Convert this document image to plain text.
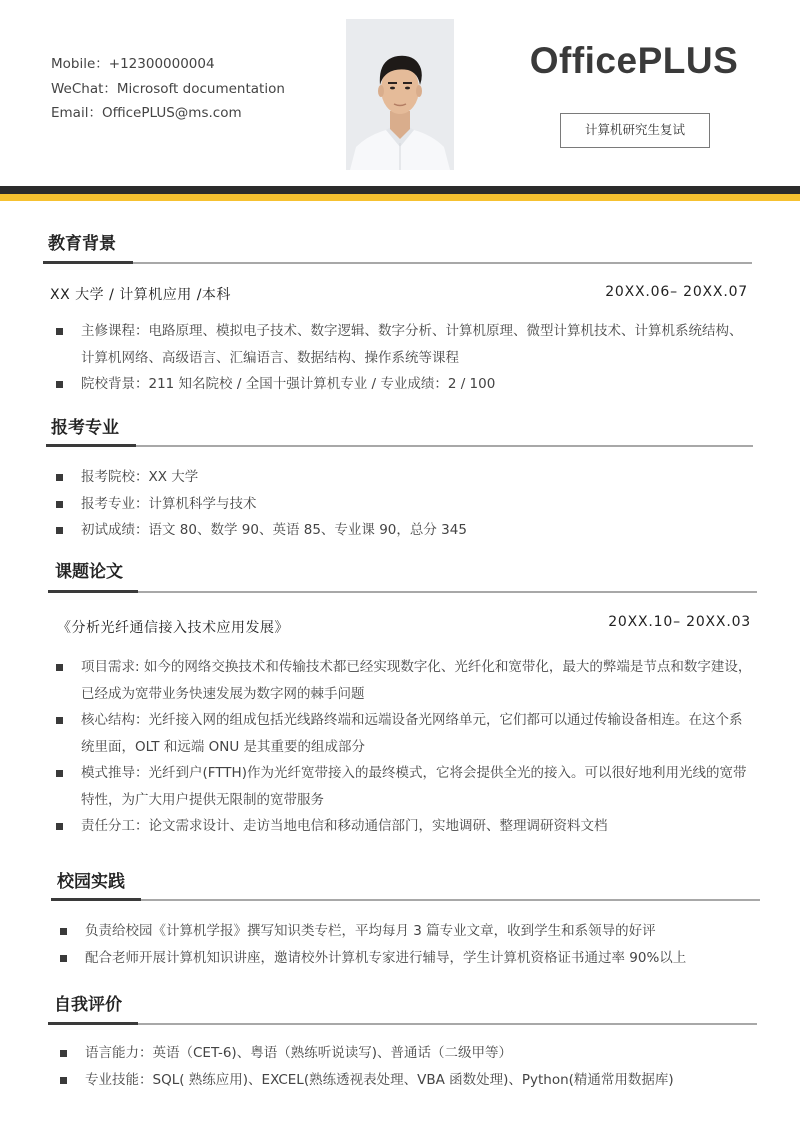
Mobile：+12300000004
WeChat：Microsoft documentation
Email：OfficePLUS@ms.com
OfficePLUS
计算机研究生复试
教育背景
XX 大学 / 计算机应用 /本科	20XX.06– 20XX.07
主修课程：电路原理、模拟电子技术、数字逻辑、数字分析、计算机原理、微型计算机技术、计算机系统结构、计算机网络、高级语言、汇编语言、数据结构、操作系统等课程
院校背景：211 知名院校 / 全国十强计算机专业 / 专业成绩：2 / 100
报考专业
报考院校：XX 大学
报考专业：计算机科学与技术
初试成绩：语文 80、数学 90、英语 85、专业课 90，总分 345
课题论文
《分析光纤通信接入技术应用发展》	20XX.10– 20XX.03
项目需求: 如今的网络交换技术和传输技术都已经实现数字化、光纤化和宽带化，最大的弊端是节点和数字建设，已经成为宽带业务快速发展为数字网的棘手问题
核心结构：光纤接入网的组成包括光线路终端和远端设备光网络单元，它们都可以通过传输设备相连。在这个系统里面，OLT 和远端 ONU 是其重要的组成部分
模式推导：光纤到户(FTTH)作为光纤宽带接入的最终模式，它将会提供全光的接入。可以很好地利用光线的宽带特性，为广大用户提供无限制的宽带服务
责任分工：论文需求设计、走访当地电信和移动通信部门，实地调研、整理调研资料文档
校园实践
负责给校园《计算机学报》撰写知识类专栏，平均每月 3 篇专业文章，收到学生和系领导的好评
配合老师开展计算机知识讲座，邀请校外计算机专家进行辅导，学生计算机资格证书通过率 90%以上
自我评价
语言能力：英语（CET-6)、粤语（熟练听说读写)、普通话（二级甲等）
专业技能：SQL( 熟练应用)、EXCEL(熟练透视表处理、VBA 函数处理)、Python(精通常用数据库)
